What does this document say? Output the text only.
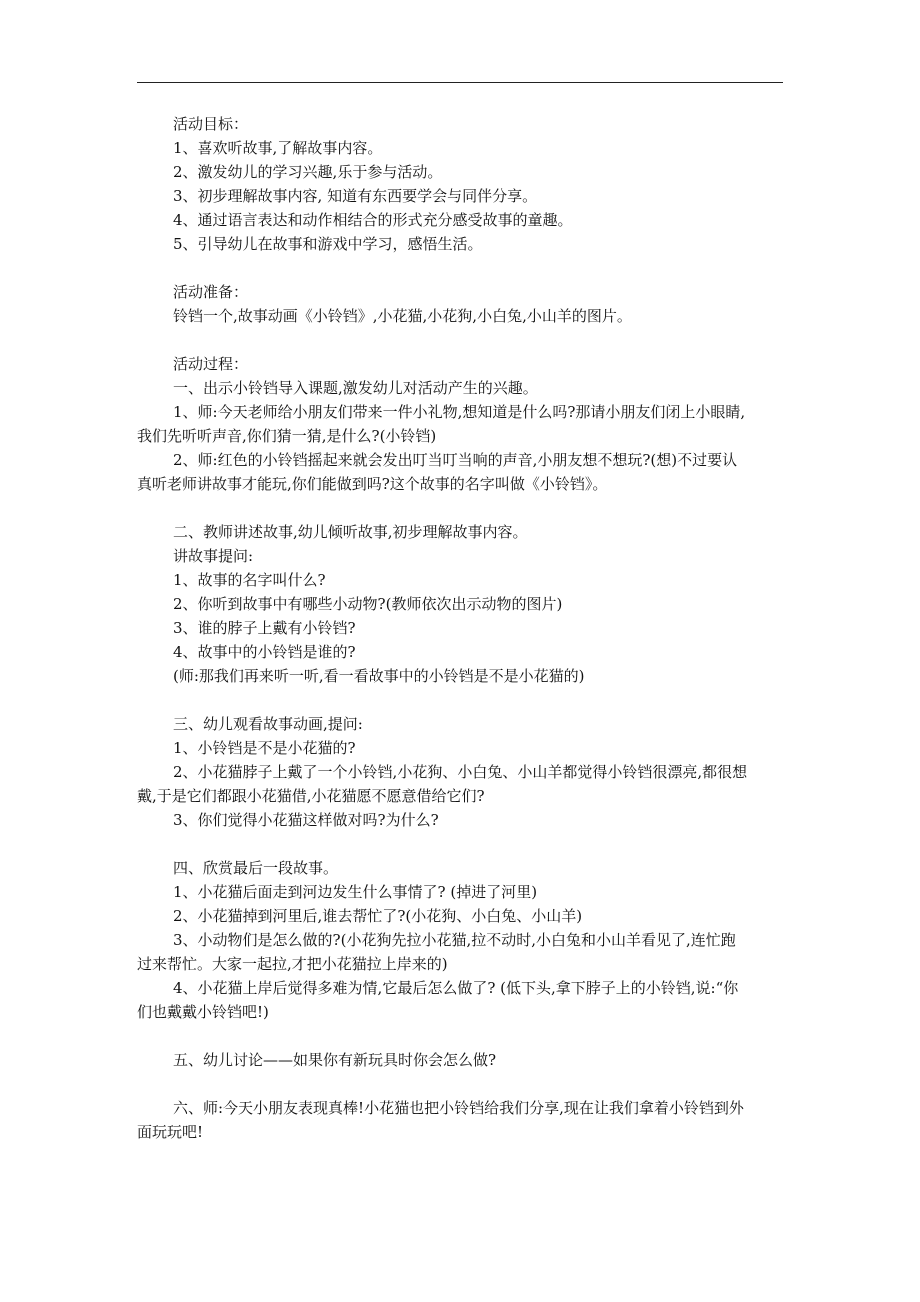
活动目标：

1、喜欢听故事,了解故事内容。

2、激发幼儿的学习兴趣,乐于参与活动。

3、初步理解故事内容, 知道有东西要学会与同伴分享。

4、通过语言表达和动作相结合的形式充分感受故事的童趣。

5、引导幼儿在故事和游戏中学习，感悟生活。

活动准备：

铃铛一个,故事动画《小铃铛》,小花猫,小花狗,小白兔,小山羊的图片。

活动过程：

一、出示小铃铛导入课题,激发幼儿对活动产生的兴趣。

1、师:今天老师给小朋友们带来一件小礼物,想知道是什么吗?那请小朋友们闭上小眼睛,我们先听听声音,你们猜一猜,是什么?(小铃铛)

2、师:红色的小铃铛摇起来就会发出叮当叮当响的声音,小朋友想不想玩?(想)不过要认真听老师讲故事才能玩,你们能做到吗?这个故事的名字叫做《小铃铛》。

二、教师讲述故事,幼儿倾听故事,初步理解故事内容。

讲故事提问:

1、故事的名字叫什么?

2、你听到故事中有哪些小动物?(教师依次出示动物的图片)

3、谁的脖子上戴有小铃铛?

4、故事中的小铃铛是谁的?

(师:那我们再来听一听,看一看故事中的小铃铛是不是小花猫的)

三、幼儿观看故事动画,提问:

1、小铃铛是不是小花猫的?

2、小花猫脖子上戴了一个小铃铛,小花狗、小白兔、小山羊都觉得小铃铛很漂亮,都很想戴,于是它们都跟小花猫借,小花猫愿不愿意借给它们?

3、你们觉得小花猫这样做对吗?为什么?

四、欣赏最后一段故事。

1、小花猫后面走到河边发生什么事情了? (掉进了河里)

2、小花猫掉到河里后,谁去帮忙了?(小花狗、小白兔、小山羊)

3、小动物们是怎么做的?(小花狗先拉小花猫,拉不动时,小白兔和小山羊看见了,连忙跑过来帮忙。大家一起拉,才把小花猫拉上岸来的)

4、小花猫上岸后觉得多难为情,它最后怎么做了? (低下头,拿下脖子上的小铃铛,说:“你们也戴戴小铃铛吧!)

五、幼儿讨论——如果你有新玩具时你会怎么做?

六、师:今天小朋友表现真棒!小花猫也把小铃铛给我们分享,现在让我们拿着小铃铛到外面玩玩吧!
